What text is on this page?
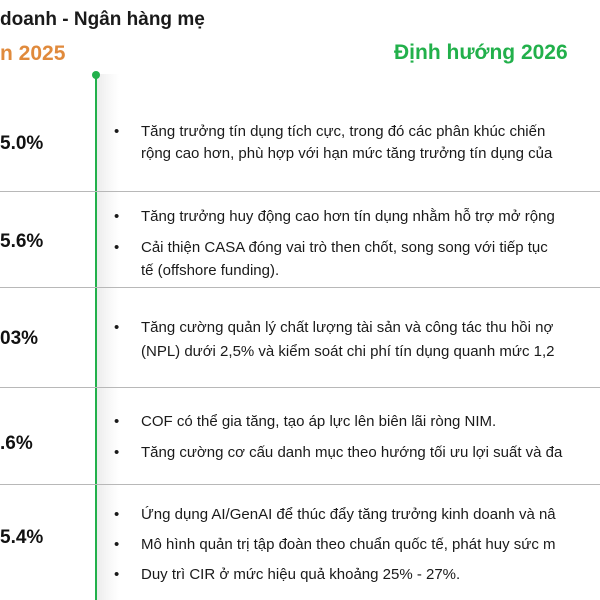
doanh - Ngân hàng mẹ
n 2025	Định hướng 2026
5.0%
• Tăng trưởng tín dụng tích cực, trong đó các phân khúc chiến
rộng cao hơn, phù hợp với hạn mức tăng trưởng tín dụng của
5.6%
• Tăng trưởng huy động cao hơn tín dụng nhằm hỗ trợ mở rộng
• Cải thiện CASA đóng vai trò then chốt, song song với tiếp tục
tế (offshore funding).
03%
• Tăng cường quản lý chất lượng tài sản và công tác thu hồi nợ
(NPL) dưới 2,5% và kiểm soát chi phí tín dụng quanh mức 1,2
.6%
• COF có thể gia tăng, tạo áp lực lên biên lãi ròng NIM.
• Tăng cường cơ cấu danh mục theo hướng tối ưu lợi suất và đa
5.4%
• Ứng dụng AI/GenAI để thúc đẩy tăng trưởng kinh doanh và nâ
• Mô hình quản trị tập đoàn theo chuẩn quốc tế, phát huy sức m
• Duy trì CIR ở mức hiệu quả khoảng 25% - 27%.
